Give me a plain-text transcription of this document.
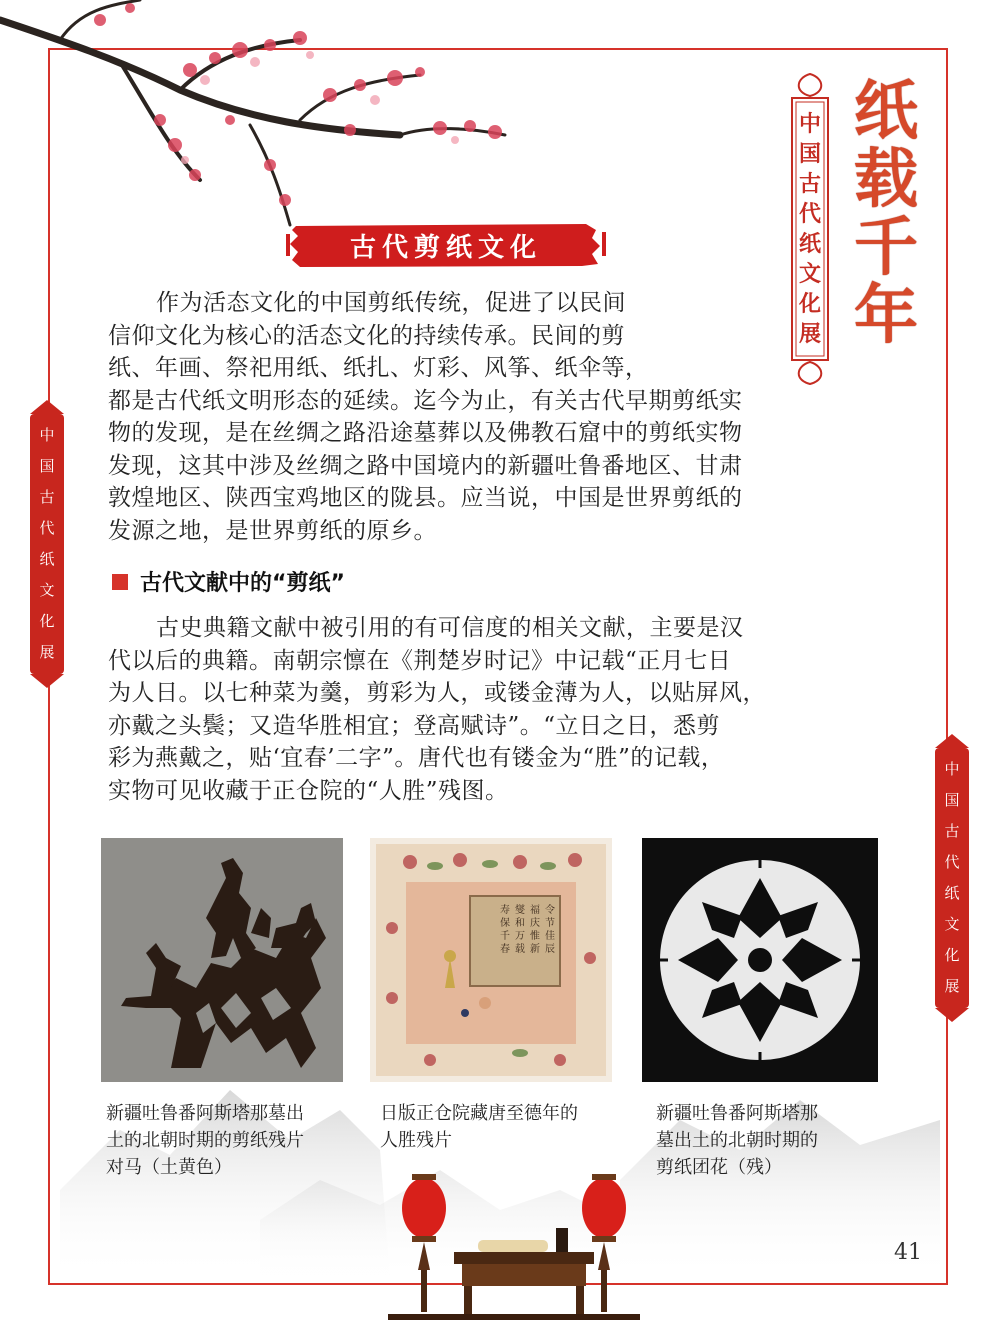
中
国
古
代
纸
文
化
展
纸
载
千
年
古代剪纸文化
作为活态文化的中国剪纸传统，促进了以民间
信仰文化为核心的活态文化的持续传承。民间的剪
纸、年画、祭祀用纸、纸扎、灯彩、风筝、纸伞等，
都是古代纸文明形态的延续。迄今为止，有关古代早期剪纸实
物的发现，是在丝绸之路沿途墓葬以及佛教石窟中的剪纸实物
发现，这其中涉及丝绸之路中国境内的新疆吐鲁番地区、甘肃
敦煌地区、陕西宝鸡地区的陇县。应当说，中国是世界剪纸的
发源之地，是世界剪纸的原乡。
古代文献中的“剪纸”
古史典籍文献中被引用的有可信度的相关文献，主要是汉
代以后的典籍。南朝宗懔在《荆楚岁时记》中记载“正月七日
为人日。以七种菜为羹，剪彩为人，或镂金薄为人，以贴屏风，
亦戴之头鬓；又造华胜相宜；登高赋诗”。“立日之日，悉剪
彩为燕戴之，贴‘宜春’二字”。唐代也有镂金为“胜”的记载，
实物可见收藏于正仓院的“人胜”残图。
中
国
古
代
纸
文
化
展
中
国
古
代
纸
文
化
展
令
节
佳
辰
福
庆
惟
新
燮
和
万
载
寿
保
千
春
新疆吐鲁番阿斯塔那墓出
土的北朝时期的剪纸残片
对马（土黄色）
日版正仓院藏唐至德年的
人胜残片
新疆吐鲁番阿斯塔那
墓出土的北朝时期的
剪纸团花（残）
41
